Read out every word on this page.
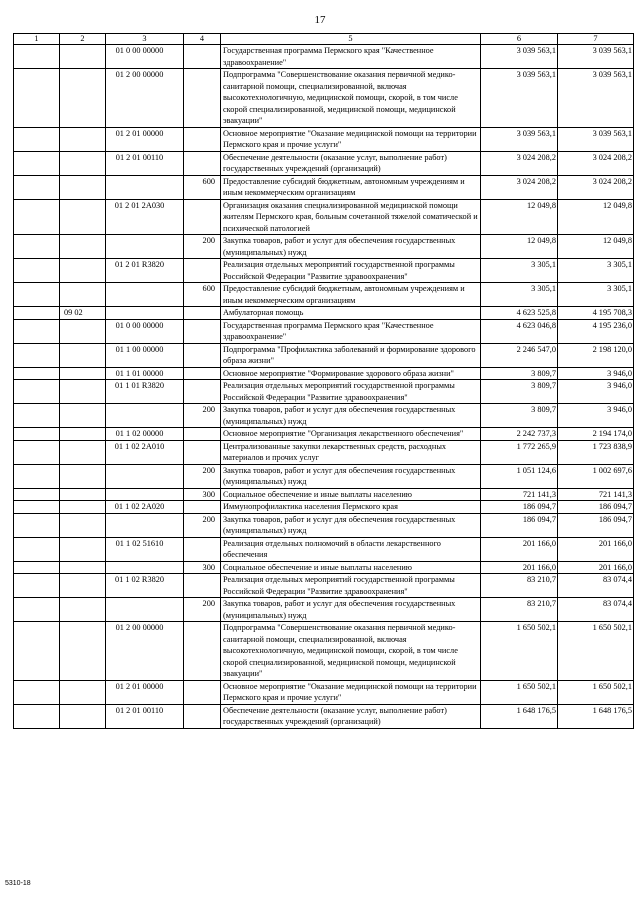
17
1	2	3	4	5	6	7
		01 0 00 00000		Государственная программа Пермского края "Качественное здравоохранение"	3 039 563,1	3 039 563,1
		01 2 00 00000		Подпрограмма "Совершенствование оказания первичной медико-санитарной помощи, специализированной, включая высокотехнологичную, медицинской помощи, скорой, в том числе скорой специализированной, медицинской помощи, медицинской эвакуации"	3 039 563,1	3 039 563,1
		01 2 01 00000		Основное мероприятие "Оказание медицинской помощи на территории Пермского края и прочие услуги"	3 039 563,1	3 039 563,1
		01 2 01 00110		Обеспечение деятельности (оказание услуг, выполнение работ) государственных учреждений (организаций)	3 024 208,2	3 024 208,2
			600	Предоставление субсидий бюджетным, автономным учреждениям и иным некоммерческим организациям	3 024 208,2	3 024 208,2
		01 2 01 2А030		Организация оказания специализированной медицинской помощи жителям Пермского края, больным сочетанной тяжелой соматической и психической патологией	12 049,8	12 049,8
			200	Закупка товаров, работ и услуг для обеспечения государственных (муниципальных) нужд	12 049,8	12 049,8
		01 2 01 R3820		Реализация отдельных мероприятий государственной программы Российской Федерации "Развитие здравоохранения"	3 305,1	3 305,1
			600	Предоставление субсидий бюджетным, автономным учреждениям и иным некоммерческим организациям	3 305,1	3 305,1
	09 02			Амбулаторная помощь	4 623 525,8	4 195 708,3
		01 0 00 00000		Государственная программа Пермского края "Качественное здравоохранение"	4 623 046,8	4 195 236,0
		01 1 00 00000		Подпрограмма "Профилактика заболеваний и формирование здорового образа жизни"	2 246 547,0	2 198 120,0
		01 1 01 00000		Основное мероприятие "Формирование здорового образа жизни"	3 809,7	3 946,0
		01 1 01 R3820		Реализация отдельных мероприятий государственной программы Российской Федерации "Развитие здравоохранения"	3 809,7	3 946,0
			200	Закупка товаров, работ и услуг для обеспечения государственных (муниципальных) нужд	3 809,7	3 946,0
		01 1 02 00000		Основное мероприятие "Организация лекарственного обеспечения"	2 242 737,3	2 194 174,0
		01 1 02 2А010		Централизованные закупки лекарственных средств, расходных материалов и прочих услуг	1 772 265,9	1 723 838,9
			200	Закупка товаров, работ и услуг для обеспечения государственных (муниципальных) нужд	1 051 124,6	1 002 697,6
			300	Социальное обеспечение и иные выплаты населению	721 141,3	721 141,3
		01 1 02 2А020		Иммунопрофилактика населения Пермского края	186 094,7	186 094,7
			200	Закупка товаров, работ и услуг для обеспечения государственных (муниципальных) нужд	186 094,7	186 094,7
		01 1 02 51610		Реализация отдельных полномочий в области лекарственного обеспечения	201 166,0	201 166,0
			300	Социальное обеспечение и иные выплаты населению	201 166,0	201 166,0
		01 1 02 R3820		Реализация отдельных мероприятий государственной программы Российской Федерации "Развитие здравоохранения"	83 210,7	83 074,4
			200	Закупка товаров, работ и услуг для обеспечения государственных (муниципальных) нужд	83 210,7	83 074,4
		01 2 00 00000		Подпрограмма "Совершенствование оказания первичной медико-санитарной помощи, специализированной, включая высокотехнологичную, медицинской помощи, скорой, в том числе скорой специализированной, медицинской помощи, медицинской эвакуации"	1 650 502,1	1 650 502,1
		01 2 01 00000		Основное мероприятие "Оказание медицинской помощи на территории Пермского края и прочие услуги"	1 650 502,1	1 650 502,1
		01 2 01 00110		Обеспечение деятельности (оказание услуг, выполнение работ) государственных учреждений (организаций)	1 648 176,5	1 648 176,5
5310-18
